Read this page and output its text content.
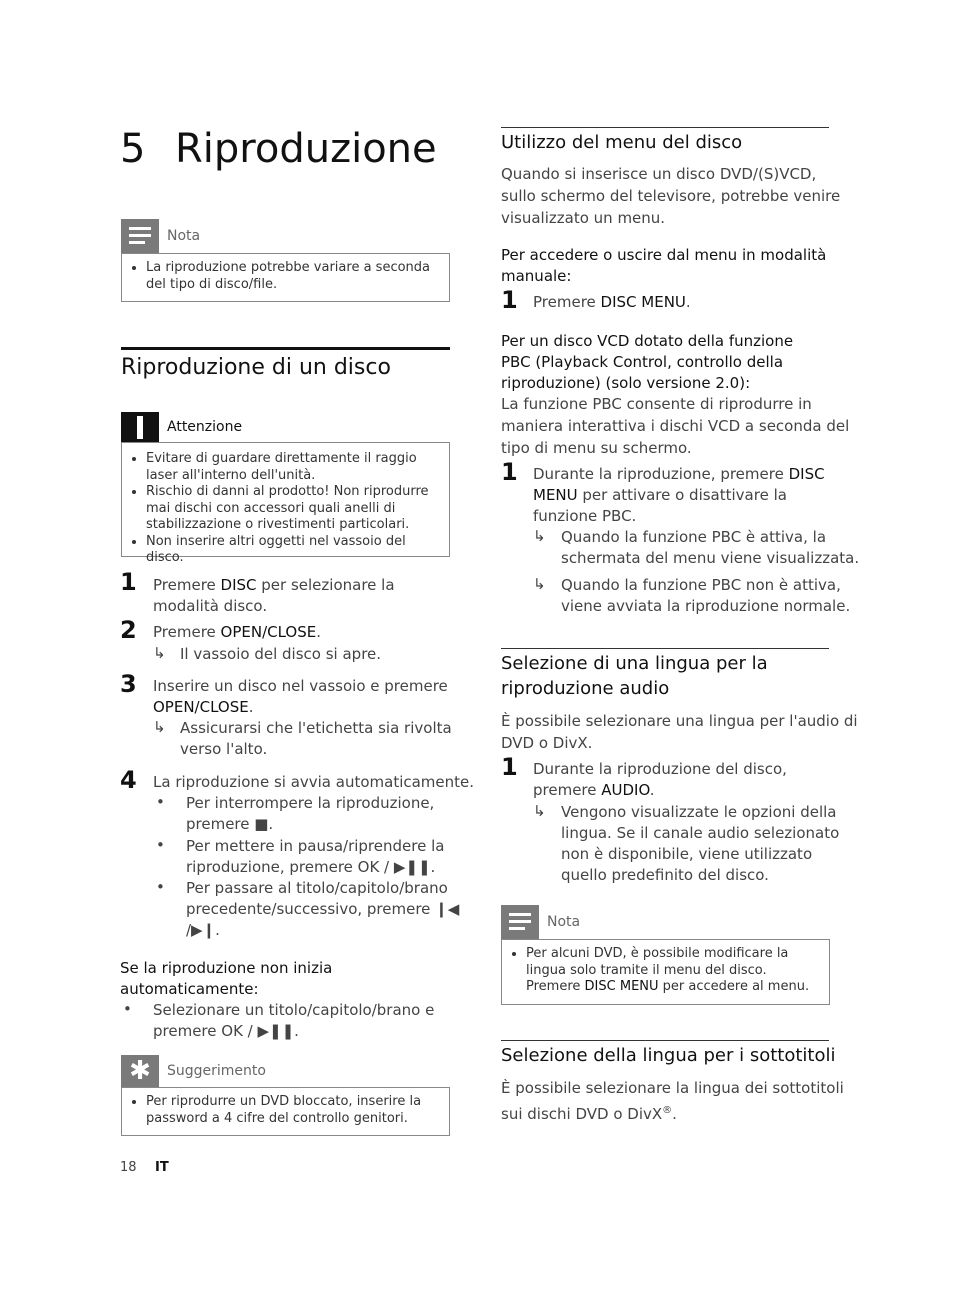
5 Riproduzione
Nota
• La riproduzione potrebbe variare a seconda del tipo di disco/file.
Riproduzione di un disco
Attenzione
• Evitare di guardare direttamente il raggio laser all'interno dell'unità.
• Rischio di danni al prodotto! Non riprodurre mai dischi con accessori quali anelli di stabilizzazione o rivestimenti particolari.
• Non inserire altri oggetti nel vassoio del disco.
1 Premere DISC per selezionare la
modalità disco.
2 Premere OPEN/CLOSE.
↳ Il vassoio del disco si apre.
3 Inserire un disco nel vassoio e premere
OPEN/CLOSE.
↳ Assicurarsi che l'etichetta sia rivolta
verso l'alto.
4 La riproduzione si avvia automaticamente.
• Per interrompere la riproduzione,
premere ■.
• Per mettere in pausa/riprendere la
riproduzione, premere OK / ▶❚❚.
• Per passare al titolo/capitolo/brano
precedente/successivo, premere ❙◀
/▶❙.
Se la riproduzione non inizia
automaticamente:
• Selezionare un titolo/capitolo/brano e
premere OK / ▶❚❚.
✱	Suggerimento
• Per riprodurre un DVD bloccato, inserire la password a 4 cifre del controllo genitori.
18 IT
Utilizzo del menu del disco
Quando si inserisce un disco DVD/(S)VCD,
sullo schermo del televisore, potrebbe venire
visualizzato un menu.
Per accedere o uscire dal menu in modalità
manuale:
1 Premere DISC MENU.
Per un disco VCD dotato della funzione
PBC (Playback Control, controllo della
riproduzione) (solo versione 2.0):
La funzione PBC consente di riprodurre in
maniera interattiva i dischi VCD a seconda del
tipo di menu su schermo.
1 Durante la riproduzione, premere DISC
MENU per attivare o disattivare la
funzione PBC.
↳ Quando la funzione PBC è attiva, la
schermata del menu viene visualizzata.
↳ Quando la funzione PBC non è attiva,
viene avviata la riproduzione normale.
Selezione di una lingua per la
riproduzione audio
È possibile selezionare una lingua per l'audio di
DVD o DivX.
1 Durante la riproduzione del disco,
premere AUDIO.
↳ Vengono visualizzate le opzioni della
lingua. Se il canale audio selezionato
non è disponibile, viene utilizzato
quello predefinito del disco.
Nota
• Per alcuni DVD, è possibile modificare la lingua solo tramite il menu del disco. Premere DISC MENU per accedere al menu.
Selezione della lingua per i sottotitoli
È possibile selezionare la lingua dei sottotitoli
sui dischi DVD o DivX®.
